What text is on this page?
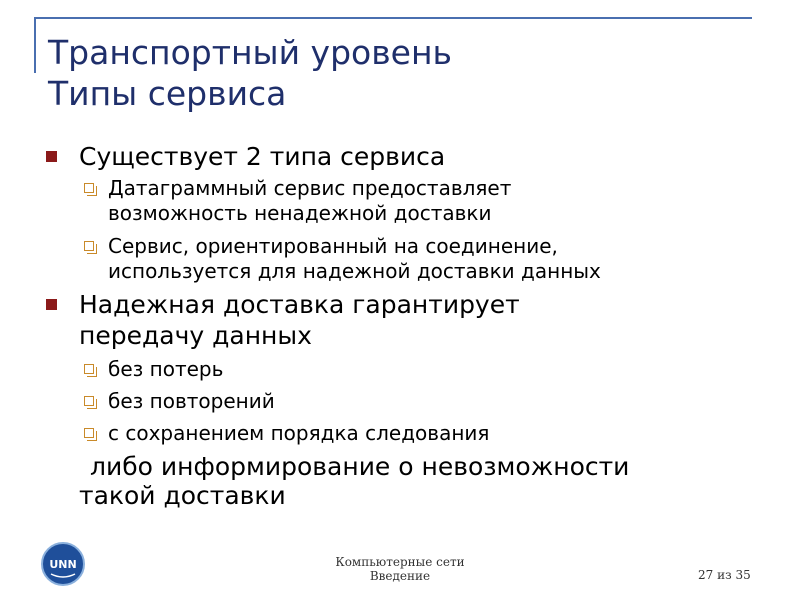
Транспортный уровень
Типы сервиса
Существует 2 типа сервиса
Датаграммный сервис предоставляет
возможность ненадежной доставки
Сервис, ориентированный на соединение,
используется для надежной доставки данных
Надежная доставка гарантирует
передачу данных
без потерь
без повторений
с сохранением порядка следования
либо информирование о невозможности
такой доставки
UNN	Компьютерные сети
Введение	27 из 35
